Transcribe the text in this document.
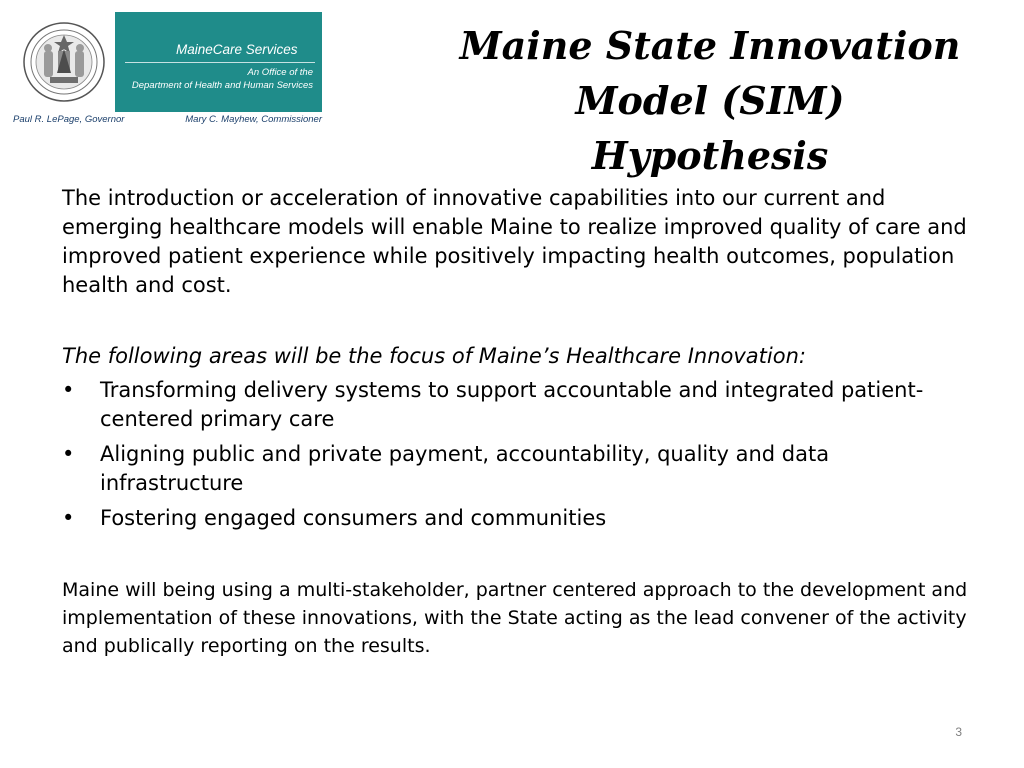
MaineCare Services
An Office of the
Department of Health and Human Services
Paul R. LePage, Governor	Mary C. Mayhew, Commissioner
Maine State Innovation
Model (SIM)
Hypothesis

The introduction or acceleration of innovative capabilities into our current and emerging healthcare models will enable Maine to realize improved quality of care and improved patient experience while positively impacting health outcomes, population health and cost.

The following areas will be the focus of Maine’s Healthcare Innovation:

• Transforming delivery systems to support accountable and integrated patient-centered primary care
• Aligning public and private payment, accountability, quality and data infrastructure
• Fostering engaged consumers and communities

Maine will being using a multi-stakeholder, partner centered approach to the development and implementation of these innovations, with the State acting as the lead convener of the activity and publically reporting on the results.

3
